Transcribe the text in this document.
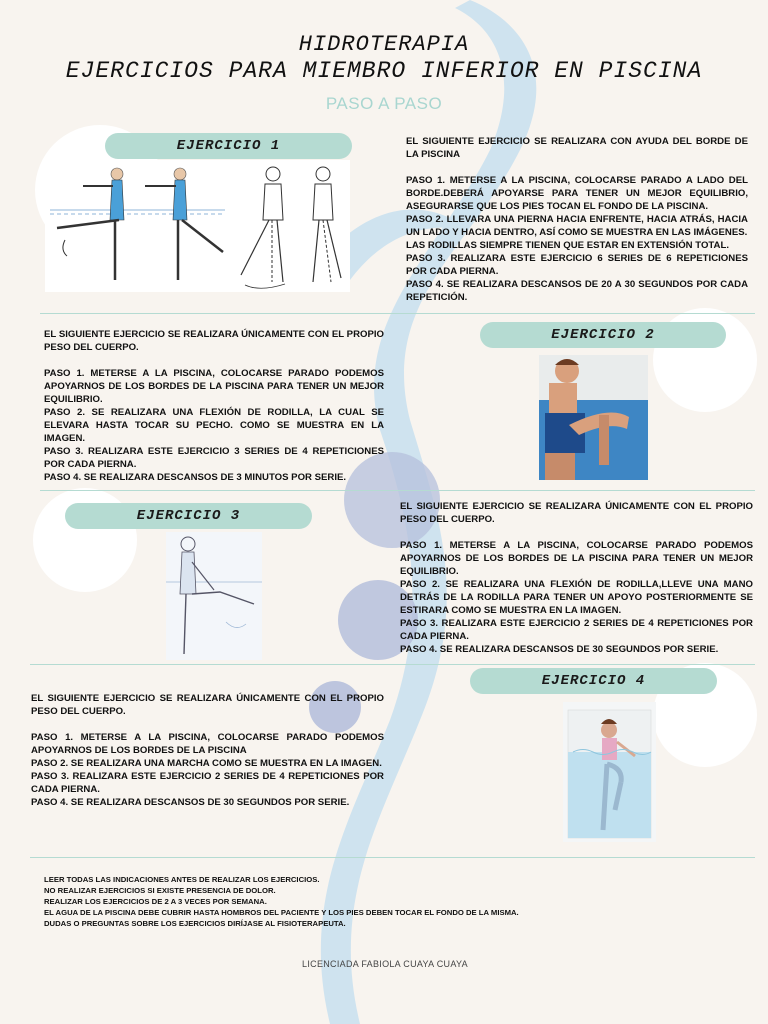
HIDROTERAPIA
EJERCICIOS PARA MIEMBRO INFERIOR EN PISCINA
PASO A PASO
EJERCICIO 1	EL SIGUIENTE EJERCICIO SE REALIZARA CON AYUDA DEL BORDE DE LA PISCINA

PASO 1. METERSE A LA PISCINA, COLOCARSE PARADO A LADO DEL BORDE.DEBERÁ APOYARSE PARA TENER UN MEJOR EQUILIBRIO, ASEGURARSE QUE LOS PIES TOCAN EL FONDO DE LA PISCINA.
PASO 2. LLEVARA UNA PIERNA HACIA ENFRENTE, HACIA ATRÁS, HACIA UN LADO Y HACIA DENTRO, ASÍ COMO SE MUESTRA EN LAS IMÁGENES.
LAS RODILLAS SIEMPRE TIENEN QUE ESTAR EN EXTENSIÓN TOTAL.
PASO 3. REALIZARA ESTE EJERCICIO 6 SERIES DE 6 REPETICIONES POR CADA PIERNA.
PASO 4. SE REALIZARA DESCANSOS DE 20 A 30 SEGUNDOS POR CADA REPETICIÓN.
EL SIGUIENTE EJERCICIO SE REALIZARA ÚNICAMENTE CON EL PROPIO PESO DEL CUERPO.

PASO 1. METERSE A LA PISCINA, COLOCARSE PARADO PODEMOS APOYARNOS DE LOS BORDES DE LA PISCINA PARA TENER UN MEJOR EQUILIBRIO.
PASO 2. SE REALIZARA UNA FLEXIÓN DE RODILLA, LA CUAL SE ELEVARA HASTA TOCAR SU PECHO. COMO SE MUESTRA EN LA IMAGEN.
PASO 3. REALIZARA ESTE EJERCICIO 3 SERIES DE 4 REPETICIONES POR CADA PIERNA.
PASO 4. SE REALIZARA DESCANSOS DE 3 MINUTOS POR SERIE.
EJERCICIO 2
EJERCICIO 3
EL SIGUIENTE EJERCICIO SE REALIZARA ÚNICAMENTE CON EL PROPIO PESO DEL CUERPO.

PASO 1. METERSE A LA PISCINA, COLOCARSE PARADO PODEMOS APOYARNOS DE LOS BORDES DE LA PISCINA PARA TENER UN MEJOR EQUILIBRIO.
PASO 2. SE REALIZARA UNA FLEXIÓN DE RODILLA,LLEVE UNA MANO DETRÁS DE LA RODILLA PARA TENER UN APOYO POSTERIORMENTE SE ESTIRARA COMO SE MUESTRA EN LA IMAGEN.
PASO 3. REALIZARA ESTE EJERCICIO 2 SERIES DE 4 REPETICIONES POR CADA PIERNA.
PASO 4. SE REALIZARA DESCANSOS DE 30 SEGUNDOS POR SERIE.
EJERCICIO 4
EL SIGUIENTE EJERCICIO SE REALIZARA ÚNICAMENTE CON EL PROPIO PESO DEL CUERPO.

PASO 1. METERSE A LA PISCINA, COLOCARSE PARADO PODEMOS APOYARNOS DE LOS BORDES DE LA PISCINA
PASO 2. SE REALIZARA UNA MARCHA COMO SE MUESTRA EN LA IMAGEN.
PASO 3. REALIZARA ESTE EJERCICIO 2 SERIES DE 4 REPETICIONES POR CADA PIERNA.
PASO 4. SE REALIZARA DESCANSOS DE 30 SEGUNDOS POR SERIE.
LEER TODAS LAS INDICACIONES ANTES DE REALIZAR LOS EJERCICIOS.
NO REALIZAR EJERCICIOS SI EXISTE PRESENCIA DE DOLOR.
REALIZAR LOS EJERCICIOS DE 2 A 3 VECES POR SEMANA.
EL AGUA DE LA PISCINA DEBE CUBRIR HASTA HOMBROS DEL PACIENTE Y LOS PIES DEBEN TOCAR EL FONDO DE LA MISMA.
DUDAS O PREGUNTAS SOBRE LOS EJERCICIOS DIRÍJASE AL FISIOTERAPEUTA.
LICENCIADA FABIOLA CUAYA CUAYA
